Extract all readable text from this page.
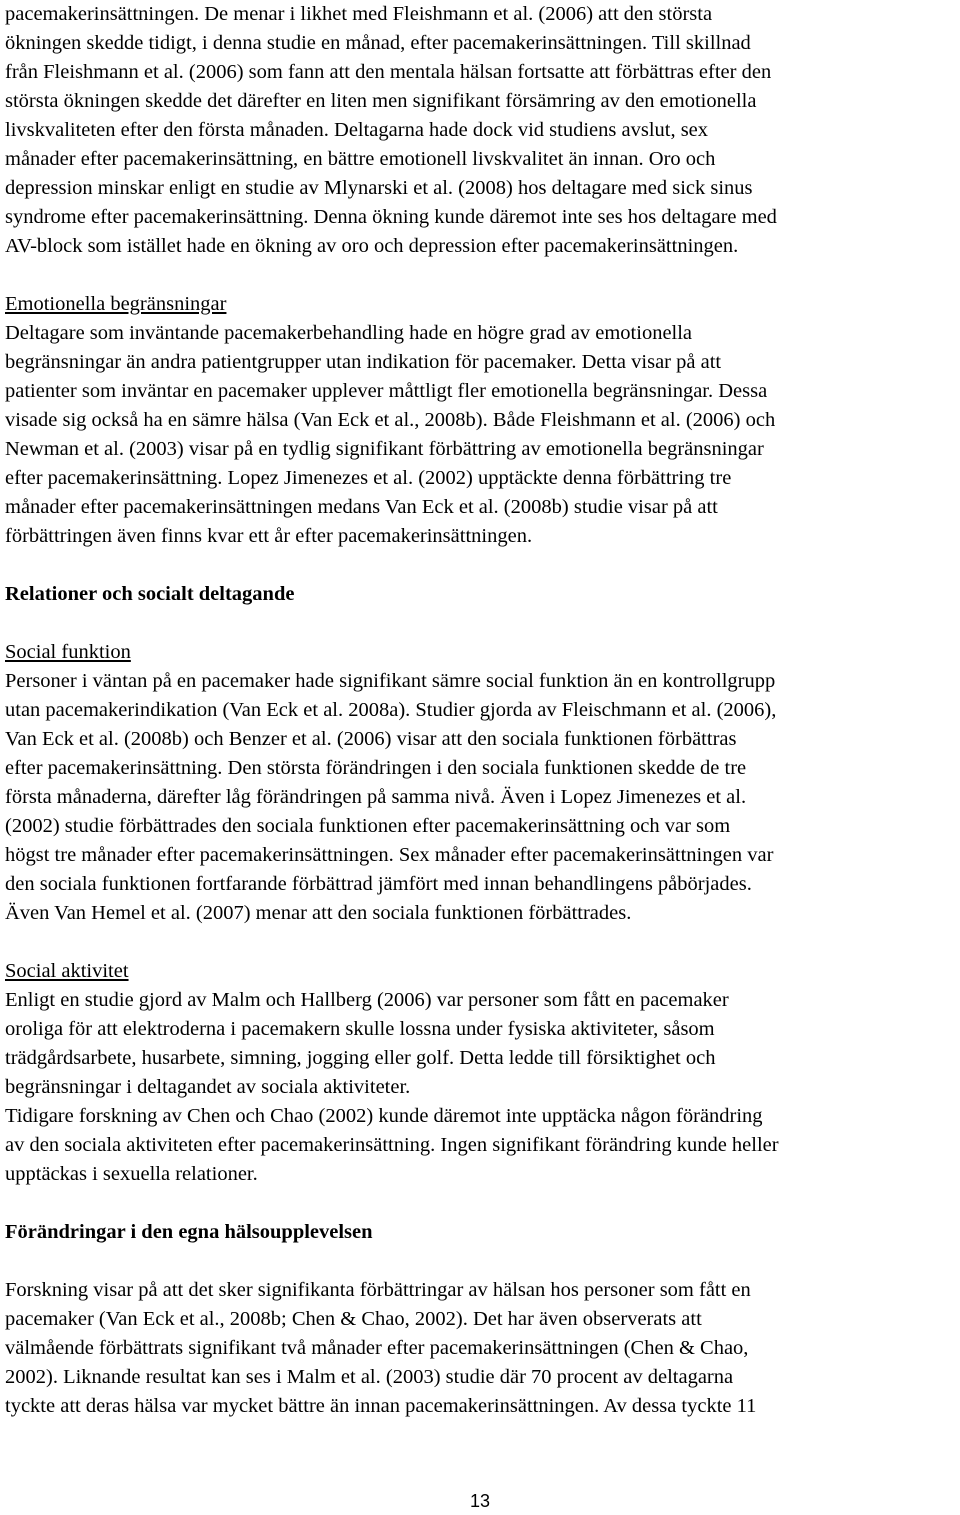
pacemakerinsättningen. De menar i likhet med Fleishmann et al. (2006) att den största
ökningen skedde tidigt, i denna studie en månad, efter pacemakerinsättningen. Till skillnad
från Fleishmann et al. (2006) som fann att den mentala hälsan fortsatte att förbättras efter den
största ökningen skedde det därefter en liten men signifikant försämring av den emotionella
livskvaliteten efter den första månaden. Deltagarna hade dock vid studiens avslut, sex
månader efter pacemakerinsättning, en bättre emotionell livskvalitet än innan. Oro och
depression minskar enligt en studie av Mlynarski et al. (2008) hos deltagare med sick sinus
syndrome efter pacemakerinsättning. Denna ökning kunde däremot inte ses hos deltagare med
AV-block som istället hade en ökning av oro och depression efter pacemakerinsättningen.

Emotionella begränsningar

Deltagare som inväntande pacemakerbehandling hade en högre grad av emotionella
begränsningar än andra patientgrupper utan indikation för pacemaker. Detta visar på att
patienter som inväntar en pacemaker upplever måttligt fler emotionella begränsningar. Dessa
visade sig också ha en sämre hälsa (Van Eck et al., 2008b). Både Fleishmann et al. (2006) och
Newman et al. (2003) visar på en tydlig signifikant förbättring av emotionella begränsningar
efter pacemakerinsättning. Lopez Jimenezes et al. (2002) upptäckte denna förbättring tre
månader efter pacemakerinsättningen medans Van Eck et al. (2008b) studie visar på att
förbättringen även finns kvar ett år efter pacemakerinsättningen.

Relationer och socialt deltagande

Social funktion

Personer i väntan på en pacemaker hade signifikant sämre social funktion än en kontrollgrupp
utan pacemakerindikation (Van Eck et al. 2008a). Studier gjorda av Fleischmann et al. (2006),
Van Eck et al. (2008b) och Benzer et al. (2006) visar att den sociala funktionen förbättras
efter pacemakerinsättning. Den största förändringen i den sociala funktionen skedde de tre
första månaderna, därefter låg förändringen på samma nivå. Även i Lopez Jimenezes et al.
(2002) studie förbättrades den sociala funktionen efter pacemakerinsättning och var som
högst tre månader efter pacemakerinsättningen. Sex månader efter pacemakerinsättningen var
den sociala funktionen fortfarande förbättrad jämfört med innan behandlingens påbörjades.
Även Van Hemel et al. (2007) menar att den sociala funktionen förbättrades.

Social aktivitet

Enligt en studie gjord av Malm och Hallberg (2006) var personer som fått en pacemaker
oroliga för att elektroderna i pacemakern skulle lossna under fysiska aktiviteter, såsom
trädgårdsarbete, husarbete, simning, jogging eller golf. Detta ledde till försiktighet och
begränsningar i deltagandet av sociala aktiviteter.

Tidigare forskning av Chen och Chao (2002) kunde däremot inte upptäcka någon förändring
av den sociala aktiviteten efter pacemakerinsättning. Ingen signifikant förändring kunde heller
upptäckas i sexuella relationer.

Förändringar i den egna hälsoupplevelsen

Forskning visar på att det sker signifikanta förbättringar av hälsan hos personer som fått en
pacemaker (Van Eck et al., 2008b; Chen & Chao, 2002). Det har även observerats att
välmående förbättrats signifikant två månader efter pacemakerinsättningen (Chen & Chao,
2002). Liknande resultat kan ses i Malm et al. (2003) studie där 70 procent av deltagarna
tyckte att deras hälsa var mycket bättre än innan pacemakerinsättningen. Av dessa tyckte 11

13
